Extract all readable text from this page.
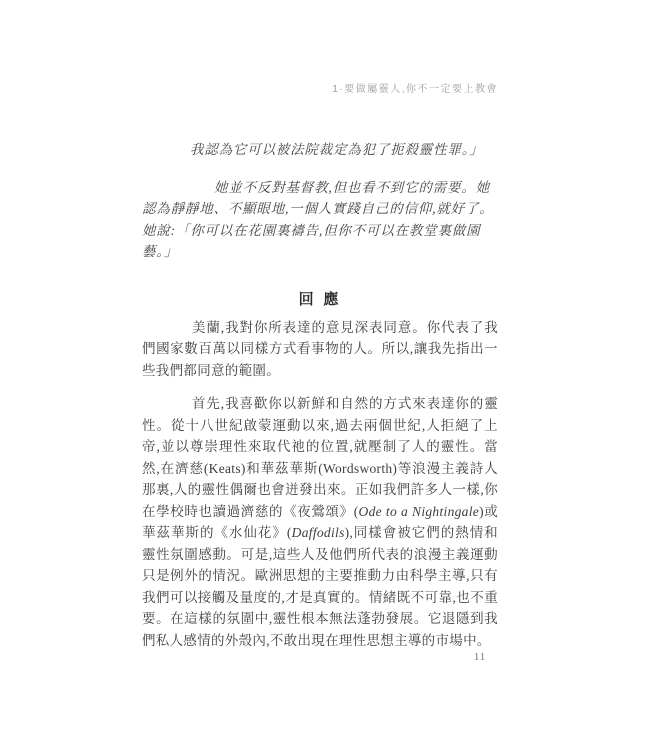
1·要做屬靈人,你不一定要上教會

我認為它可以被法院裁定為犯了扼殺靈性罪。」

她並不反對基督教,但也看不到它的需要。她認為靜靜地、不顯眼地,一個人實踐自己的信仰,就好了。她說:「你可以在花園裏禱告,但你不可以在教堂裏做園藝。」

回 應

美蘭,我對你所表達的意見深表同意。你代表了我們國家數百萬以同樣方式看事物的人。所以,讓我先指出一些我們都同意的範圍。

首先,我喜歡你以新鮮和自然的方式來表達你的靈性。從十八世紀啟蒙運動以來,過去兩個世紀,人拒絕了上帝,並以尊崇理性來取代祂的位置,就壓制了人的靈性。當然,在濟慈(Keats)和華茲華斯(Wordsworth)等浪漫主義詩人那裏,人的靈性偶爾也會迸發出來。正如我們許多人一樣,你在學校時也讀過濟慈的《夜鶯頌》(Ode to a Nightingale)或華茲華斯的《水仙花》(Daffodils),同樣會被它們的熱情和靈性氛圍感動。可是,這些人及他們所代表的浪漫主義運動只是例外的情況。歐洲思想的主要推動力由科學主導,只有我們可以接觸及量度的,才是真實的。情緒既不可靠,也不重要。在這樣的氛圍中,靈性根本無法蓬勃發展。它退隱到我們私人感情的外殼內,不敢出現在理性思想主導的市場中。

11
